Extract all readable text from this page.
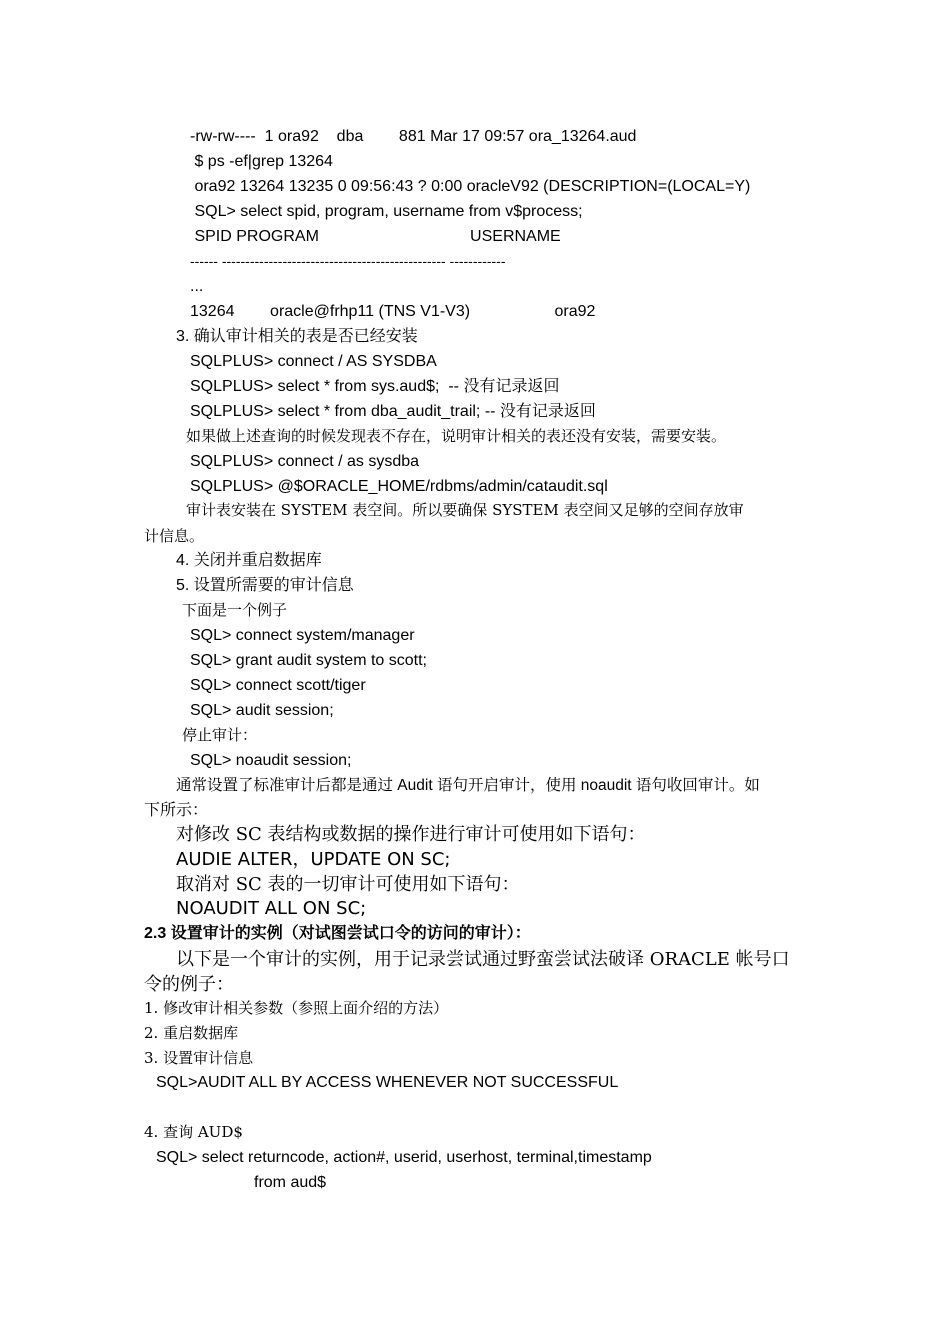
-rw-rw----  1 ora92    dba        881 Mar 17 09:57 ora_13264.aud
$ ps -ef|grep 13264
ora92 13264 13235 0 09:56:43 ? 0:00 oracleV92 (DESCRIPTION=(LOCAL=Y)
SQL> select spid, program, username from v$process;
SPID PROGRAM                                  USERNAME
------ ------------------------------------------------ ------------
...
13264        oracle@frhp11 (TNS V1-V3)                   ora92
3. 确认审计相关的表是否已经安装
SQLPLUS> connect / AS SYSDBA
SQLPLUS> select * from sys.aud$;  -- 没有记录返回
SQLPLUS> select * from dba_audit_trail; -- 没有记录返回
如果做上述查询的时候发现表不存在，说明审计相关的表还没有安装，需要安装。
SQLPLUS> connect / as sysdba
SQLPLUS> @$ORACLE_HOME/rdbms/admin/cataudit.sql
审计表安装在 SYSTEM 表空间。所以要确保 SYSTEM 表空间又足够的空间存放审
计信息。
4. 关闭并重启数据库
5. 设置所需要的审计信息
下面是一个例子
SQL> connect system/manager
SQL> grant audit system to scott;
SQL> connect scott/tiger
SQL> audit session;
停止审计：
SQL> noaudit session;
通常设置了标准审计后都是通过 Audit 语句开启审计，使用 noaudit 语句收回审计。如
下所示：
对修改 SC 表结构或数据的操作进行审计可使用如下语句：
AUDIE ALTER，UPDATE ON SC;
取消对 SC 表的一切审计可使用如下语句：
NOAUDIT ALL ON SC;
2.3 设置审计的实例（对试图尝试口令的访问的审计）：
以下是一个审计的实例，用于记录尝试通过野蛮尝试法破译 ORACLE 帐号口
令的例子：
1. 修改审计相关参数（参照上面介绍的方法）
2. 重启数据库
3. 设置审计信息
SQL>AUDIT ALL BY ACCESS WHENEVER NOT SUCCESSFUL
4. 查询 AUD$
SQL> select returncode, action#, userid, userhost, terminal,timestamp
from aud$
